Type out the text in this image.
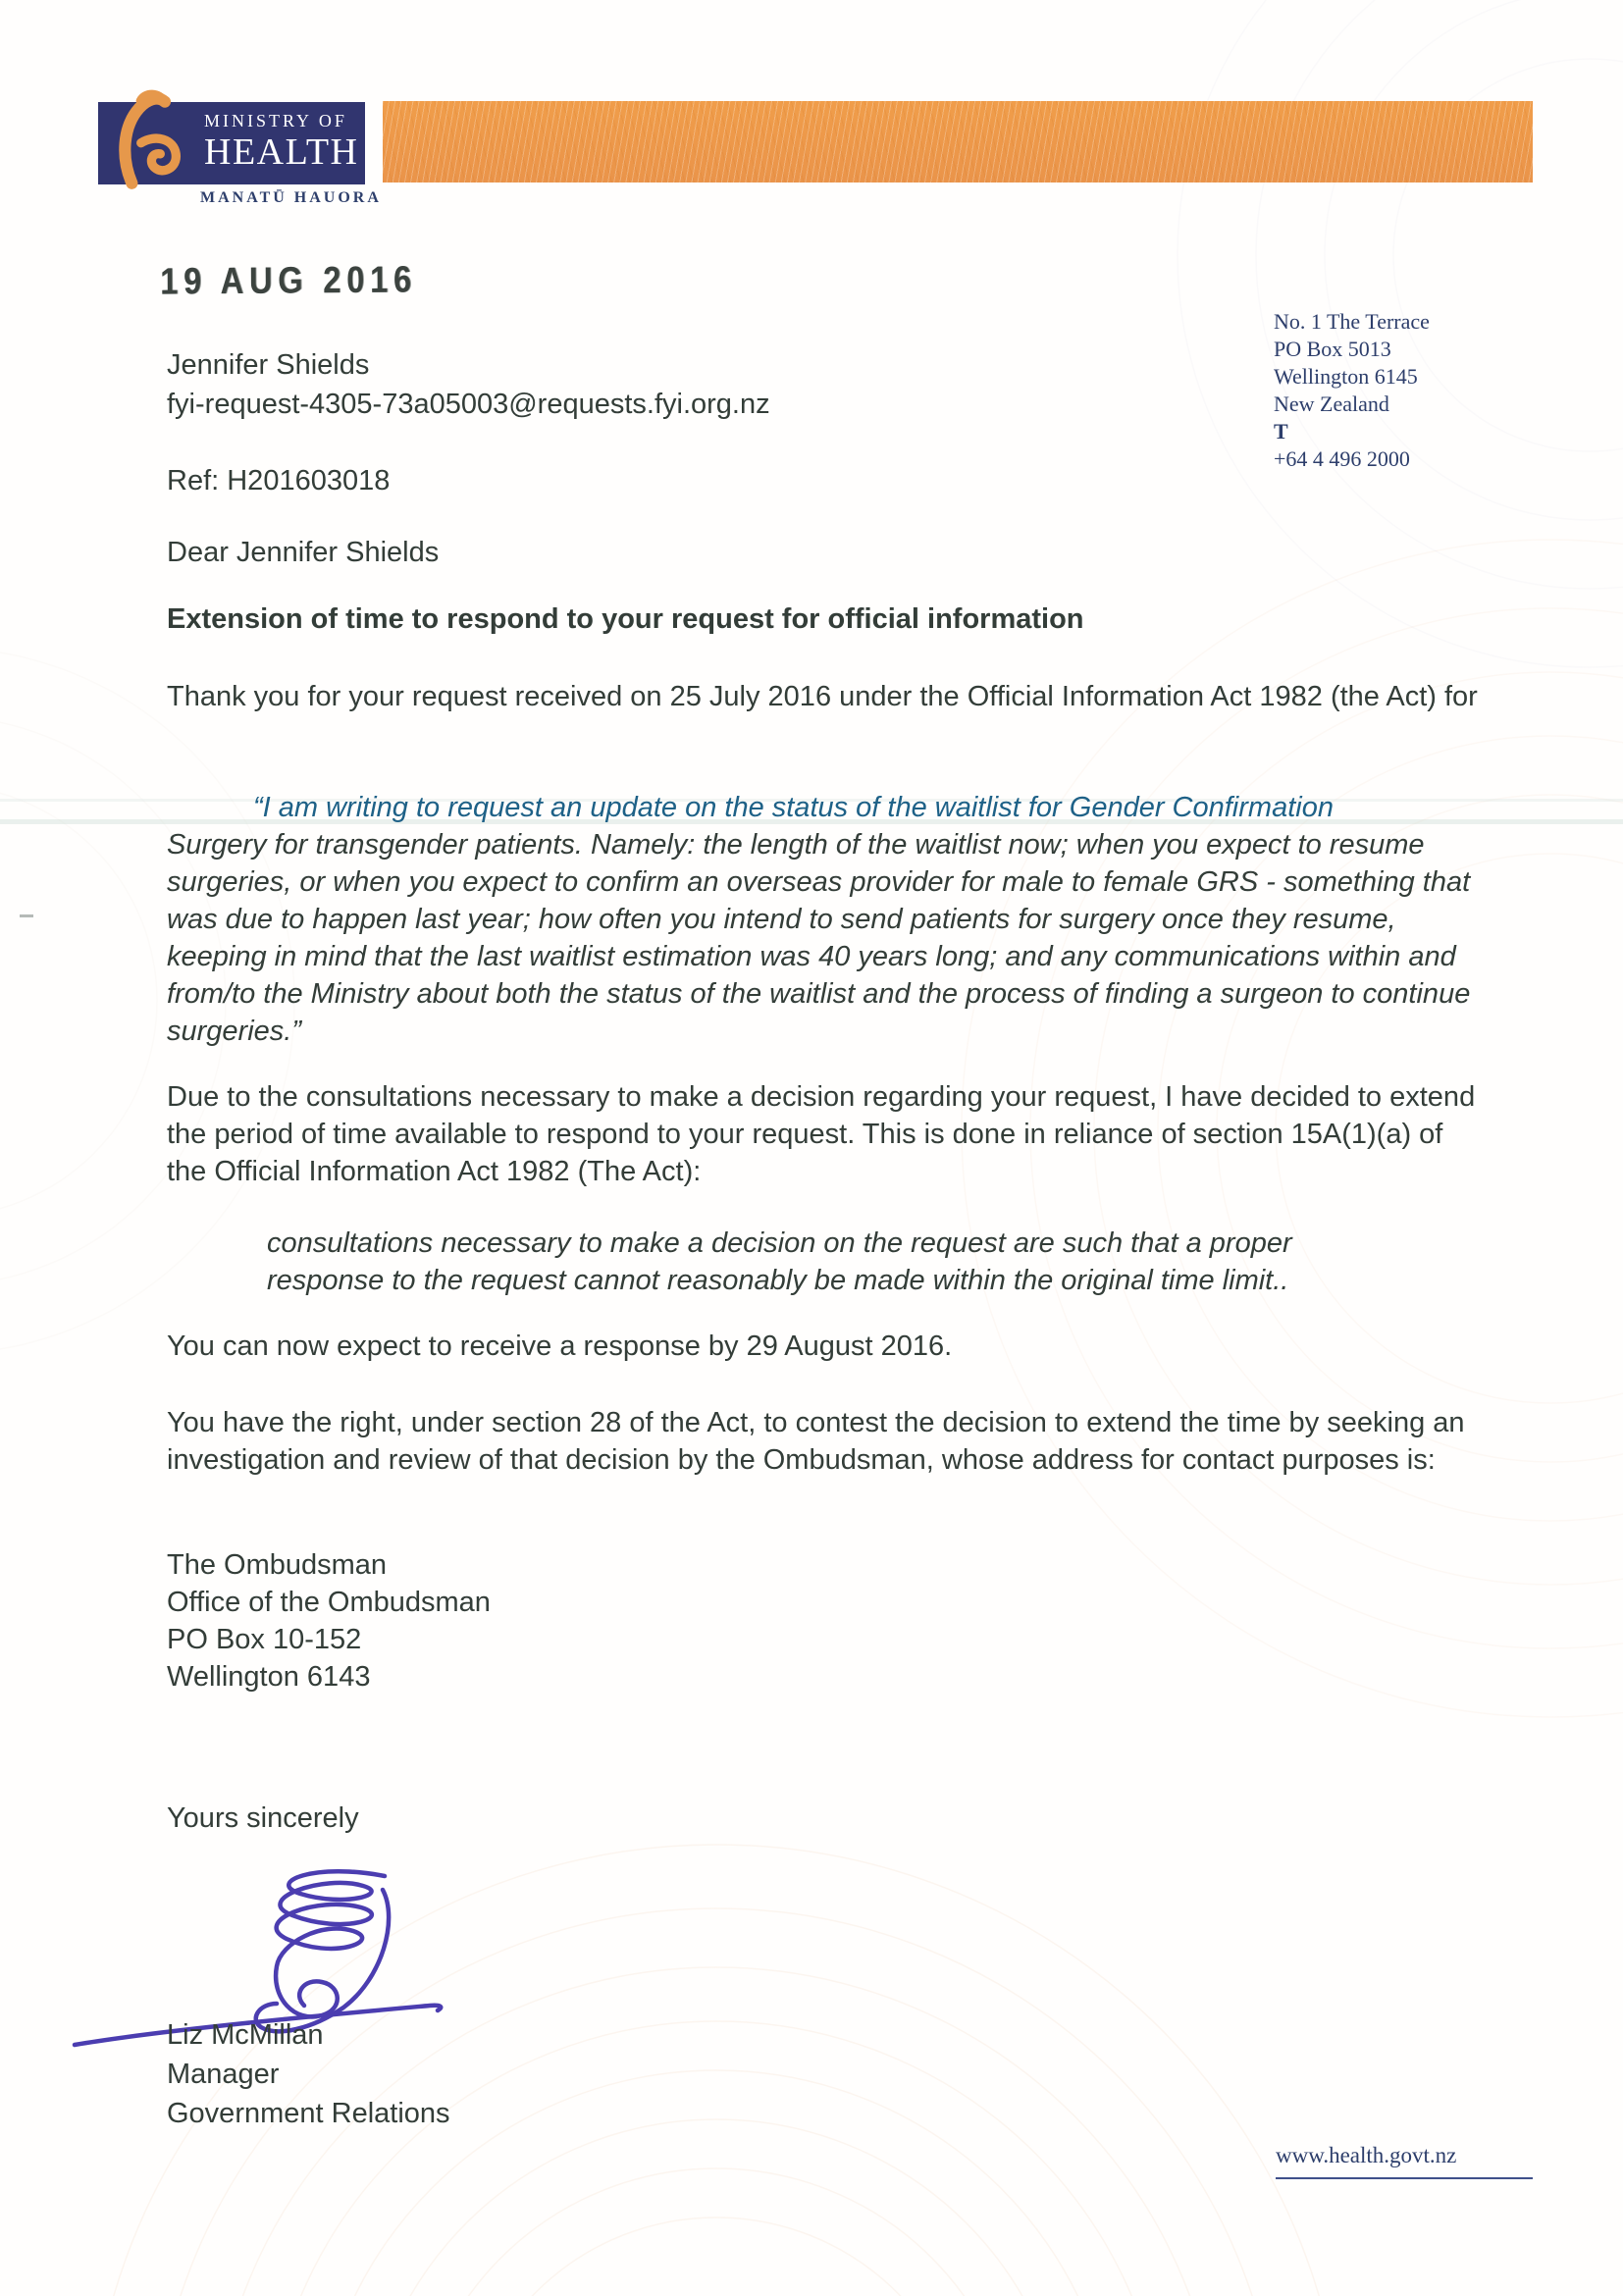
MINISTRY OF
HEALTH
MANATŪ HAUORA
19 AUG 2016
No. 1 The Terrace
PO Box 5013
Wellington 6145
New Zealand
T
+64 4 496 2000
Jennifer Shields
fyi-request-4305-73a05003@requests.fyi.org.nz
Ref: H201603018
Dear Jennifer Shields
Extension of time to respond to your request for official information
Thank you for your request received on 25 July 2016 under the Official Information Act 1982 (the Act) for
“I am writing to request an update on the status of the waitlist for Gender Confirmation
Surgery for transgender patients. Namely: the length of the waitlist now; when you expect to resume surgeries, or when you expect to confirm an overseas provider for male to female GRS - something that was due to happen last year; how often you intend to send patients for surgery once they resume, keeping in mind that the last waitlist estimation was 40 years long; and any communications within and from/to the Ministry about both the status of the waitlist and the process of finding a surgeon to continue surgeries.”
Due to the consultations necessary to make a decision regarding your request, I have decided to extend the period of time available to respond to your request. This is done in reliance of section 15A(1)(a) of the Official Information Act 1982 (The Act):
consultations necessary to make a decision on the request are such that a proper response to the request cannot reasonably be made within the original time limit..
You can now expect to receive a response by 29 August 2016.
You have the right, under section 28 of the Act, to contest the decision to extend the time by seeking an investigation and review of that decision by the Ombudsman, whose address for contact purposes is:
The Ombudsman
Office of the Ombudsman
PO Box 10-152
Wellington 6143
Yours sincerely
Liz McMillan
Manager
Government Relations
www.health.govt.nz
